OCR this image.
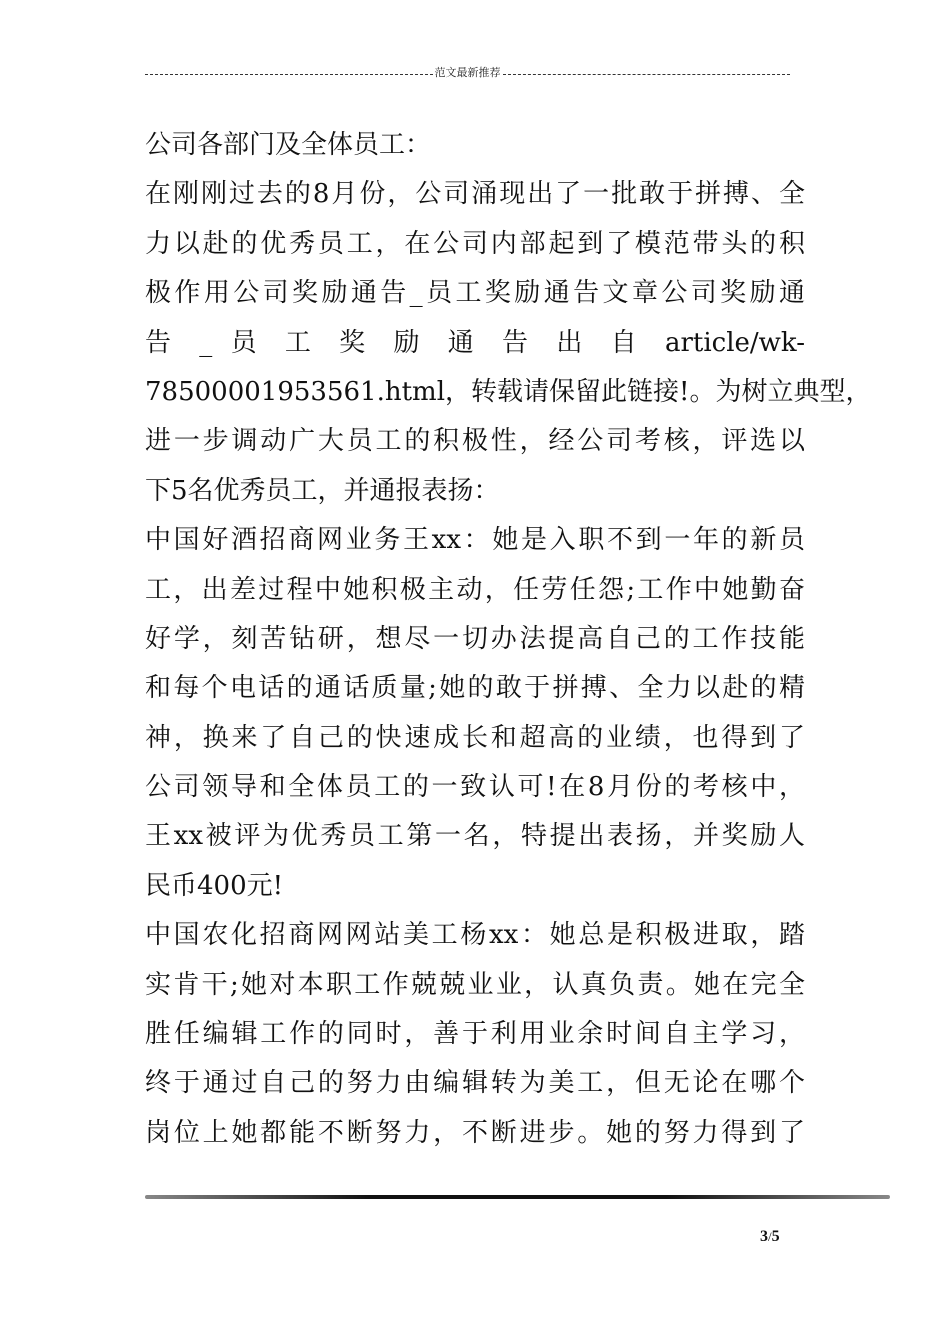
范文最新推荐
公司各部门及全体员工：
在刚刚过去的8月份，公司涌现出了一批敢于拼搏、全
力以赴的优秀员工，在公司内部起到了模范带头的积
极作用公司奖励通告_员工奖励通告文章公司奖励通
告 _ 员 工 奖 励 通 告 出 自 article/wk-
78500001953561.html，转载请保留此链接!。为树立典型，
进一步调动广大员工的积极性，经公司考核，评选以
下5名优秀员工，并通报表扬：
中国好酒招商网业务王xx：她是入职不到一年的新员
工，出差过程中她积极主动，任劳任怨;工作中她勤奋
好学，刻苦钻研，想尽一切办法提高自己的工作技能
和每个电话的通话质量;她的敢于拼搏、全力以赴的精
神，换来了自己的快速成长和超高的业绩，也得到了
公司领导和全体员工的一致认可!在8月份的考核中，
王xx被评为优秀员工第一名，特提出表扬，并奖励人
民币400元!
中国农化招商网网站美工杨xx：她总是积极进取，踏
实肯干;她对本职工作兢兢业业，认真负责。她在完全
胜任编辑工作的同时，善于利用业余时间自主学习，
终于通过自己的努力由编辑转为美工，但无论在哪个
岗位上她都能不断努力，不断进步。她的努力得到了
3/5
